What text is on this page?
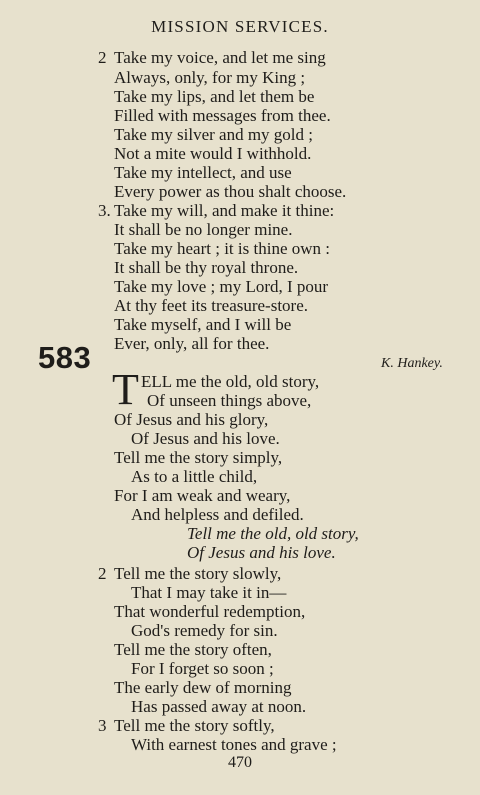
MISSION SERVICES.
2 Take my voice, and let me sing
Always, only, for my King ;
Take my lips, and let them be
Filled with messages from thee.
Take my silver and my gold ;
Not a mite would I withhold.
Take my intellect, and use
Every power as thou shalt choose.
3. Take my will, and make it thine:
It shall be no longer mine.
Take my heart ; it is thine own :
It shall be thy royal throne.
Take my love ; my Lord, I pour
At thy feet its treasure-store.
Take myself, and I will be
Ever, only, all for thee.
583	K. Hankey.
T ELL me the old, old story,
Of unseen things above,
Of Jesus and his glory,
Of Jesus and his love.
Tell me the story simply,
As to a little child,
For I am weak and weary,
And helpless and defiled.
Tell me the old, old story,
Of Jesus and his love.
2 Tell me the story slowly,
That I may take it in—
That wonderful redemption,
God's remedy for sin.
Tell me the story often,
For I forget so soon ;
The early dew of morning
Has passed away at noon.
3 Tell me the story softly,
With earnest tones and grave ;
470
